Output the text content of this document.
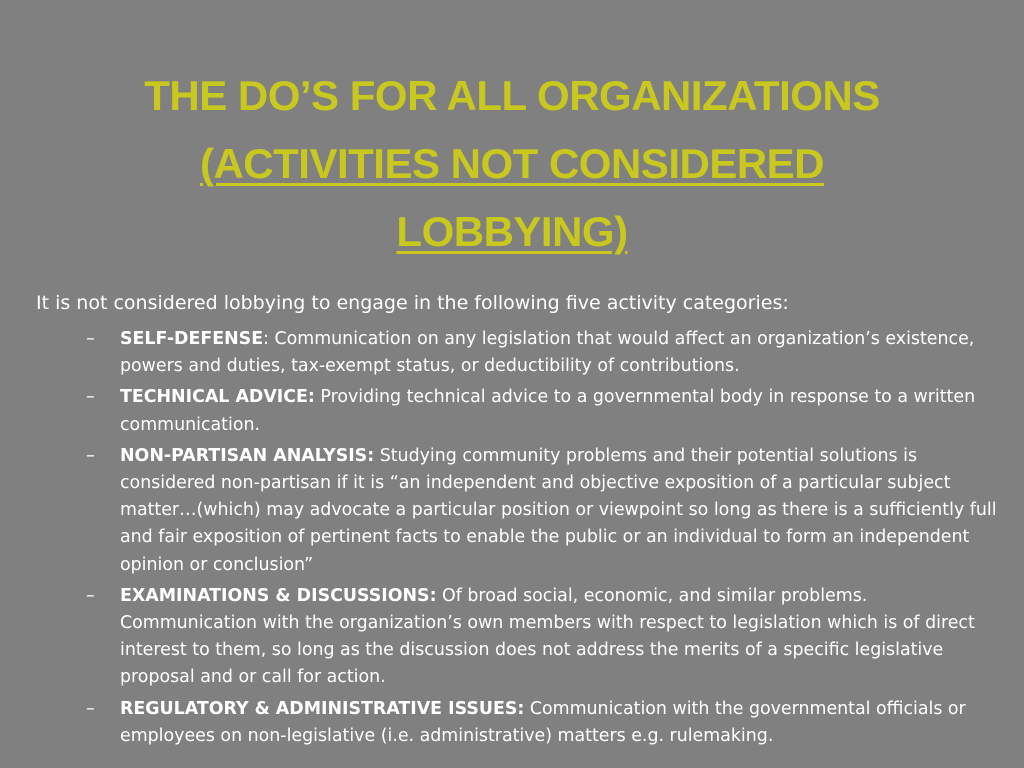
THE DO’S FOR ALL ORGANIZATIONS
(ACTIVITIES NOT CONSIDERED
LOBBYING)
It is not considered lobbying to engage in the following five activity categories:
–	SELF-DEFENSE: Communication on any legislation that would affect an organization’s existence, powers and duties, tax-exempt status, or deductibility of contributions.
–	TECHNICAL ADVICE: Providing technical advice to a governmental body in response to a written communication.
–	NON-PARTISAN ANALYSIS: Studying community problems and their potential solutions is considered non-partisan if it is “an independent and objective exposition of a particular subject matter…(which) may advocate a particular position or viewpoint so long as there is a sufficiently full and fair exposition of pertinent facts to enable the public or an individual to form an independent opinion or conclusion”
–	EXAMINATIONS & DISCUSSIONS: Of broad social, economic, and similar problems. Communication with the organization’s own members with respect to legislation which is of direct interest to them, so long as the discussion does not address the merits of a specific legislative proposal and or call for action.
–	REGULATORY & ADMINISTRATIVE ISSUES: Communication with the governmental officials or employees on non-legislative (i.e. administrative) matters e.g. rulemaking.
